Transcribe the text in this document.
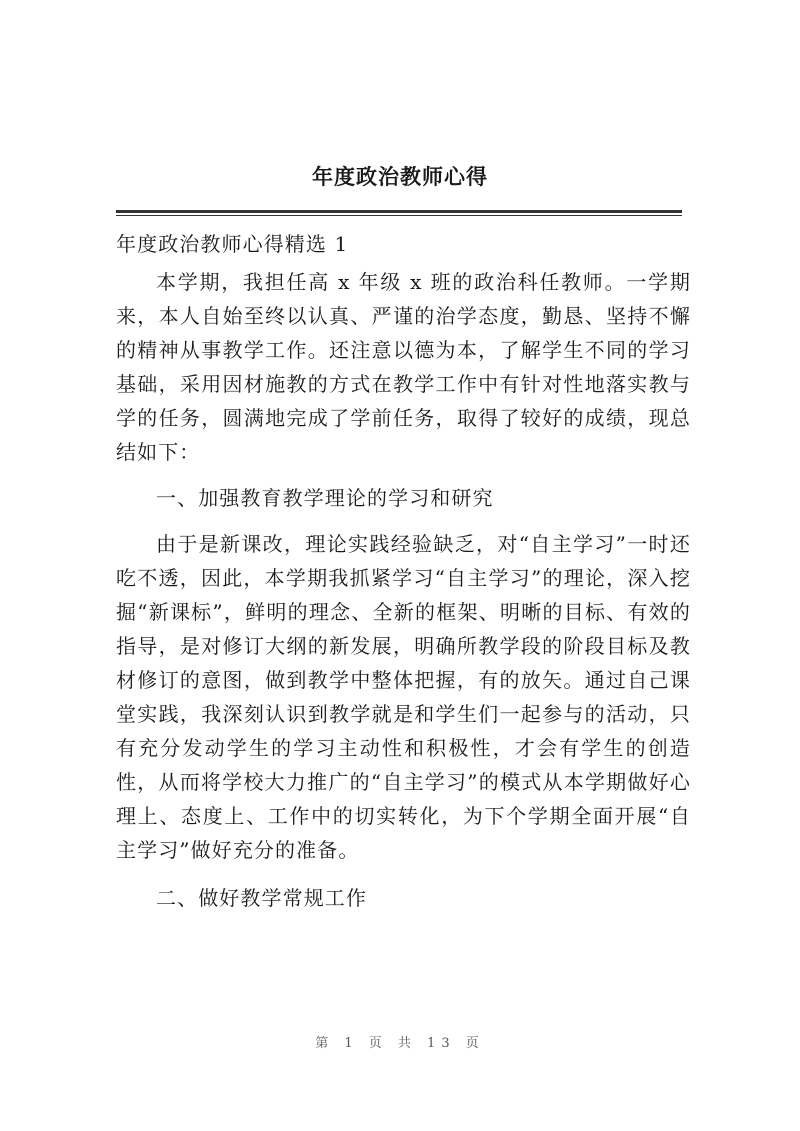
年度政治教师心得

年度政治教师心得精选 1

本学期，我担任高 x 年级 x 班的政治科任教师。一学期来，本人自始至终以认真、严谨的治学态度，勤恳、坚持不懈的精神从事教学工作。还注意以德为本，了解学生不同的学习基础，采用因材施教的方式在教学工作中有针对性地落实教与学的任务，圆满地完成了学前任务，取得了较好的成绩，现总结如下：

一、加强教育教学理论的学习和研究

由于是新课改，理论实践经验缺乏，对“自主学习”一时还吃不透，因此，本学期我抓紧学习“自主学习”的理论，深入挖掘“新课标”，鲜明的理念、全新的框架、明晰的目标、有效的指导，是对修订大纲的新发展，明确所教学段的阶段目标及教材修订的意图，做到教学中整体把握，有的放矢。通过自己课堂实践，我深刻认识到教学就是和学生们一起参与的活动，只有充分发动学生的学习主动性和积极性，才会有学生的创造性，从而将学校大力推广的“自主学习”的模式从本学期做好心理上、态度上、工作中的切实转化，为下个学期全面开展“自主学习”做好充分的准备。

二、做好教学常规工作

第 1 页 共 13 页
